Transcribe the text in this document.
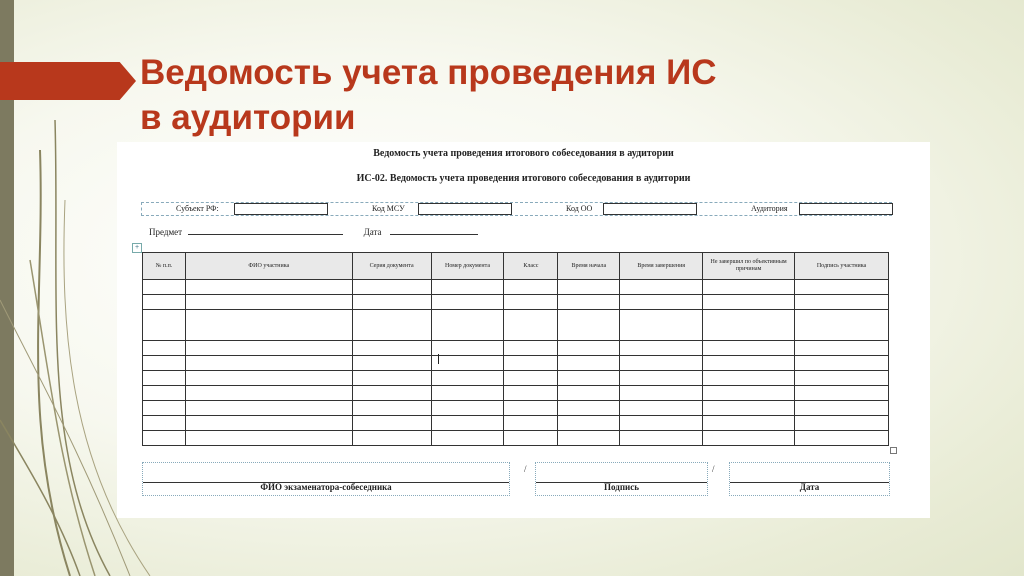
Ведомость учета проведения ИС
в аудитории
Ведомость учета проведения итогового собеседования в аудитории
ИС-02. Ведомость учета проведения итогового собеседования в аудитории
Субъект РФ:	Код МСУ	Код ОО	Аудитория
Предмет	Дата
+
№ п.п.	ФИО участника	Серия документа	Номер документа	Класс	Время начала	Время завершения	Не завершил по объективным причинам	Подпись участника

ФИО экзаменатора-собеседника
/
Подпись
/
Дата
